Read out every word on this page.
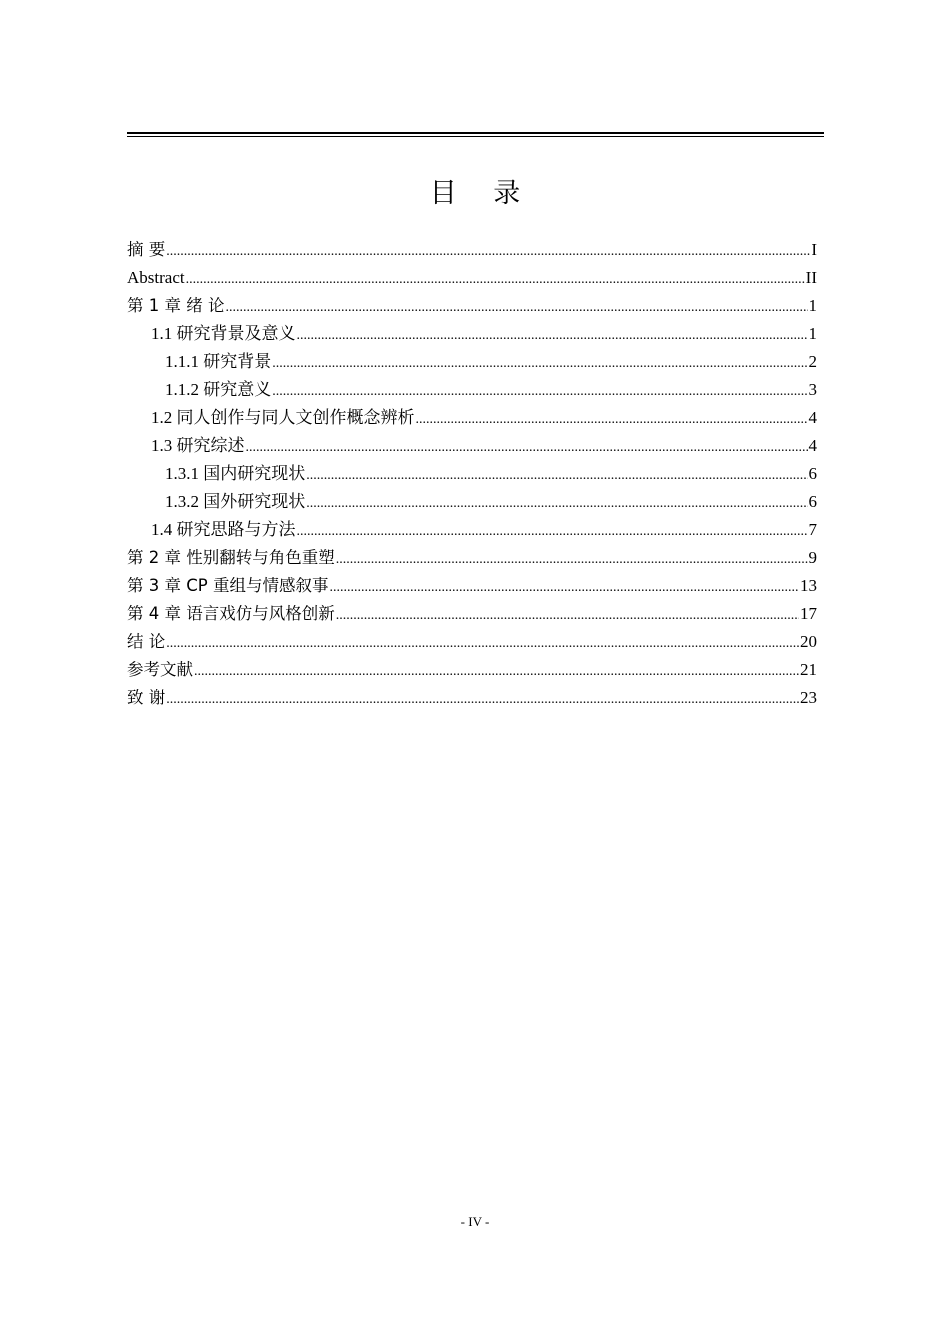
目 录
摘 要 .....	I
Abstract .....	II
第 1 章 绪 论 .....	1
1.1 研究背景及意义 .....	1
1.1.1 研究背景 .....	2
1.1.2 研究意义 .....	3
1.2 同人创作与同人文创作概念辨析 .....	4
1.3 研究综述 .....	4
1.3.1 国内研究现状 .....	6
1.3.2 国外研究现状 .....	6
1.4 研究思路与方法 .....	7
第 2 章 性别翻转与角色重塑 .....	9
第 3 章 CP 重组与情感叙事 .....	13
第 4 章 语言戏仿与风格创新 .....	17
结 论 .....	20
参考文献 .....	21
致 谢 .....	23
- IV -
